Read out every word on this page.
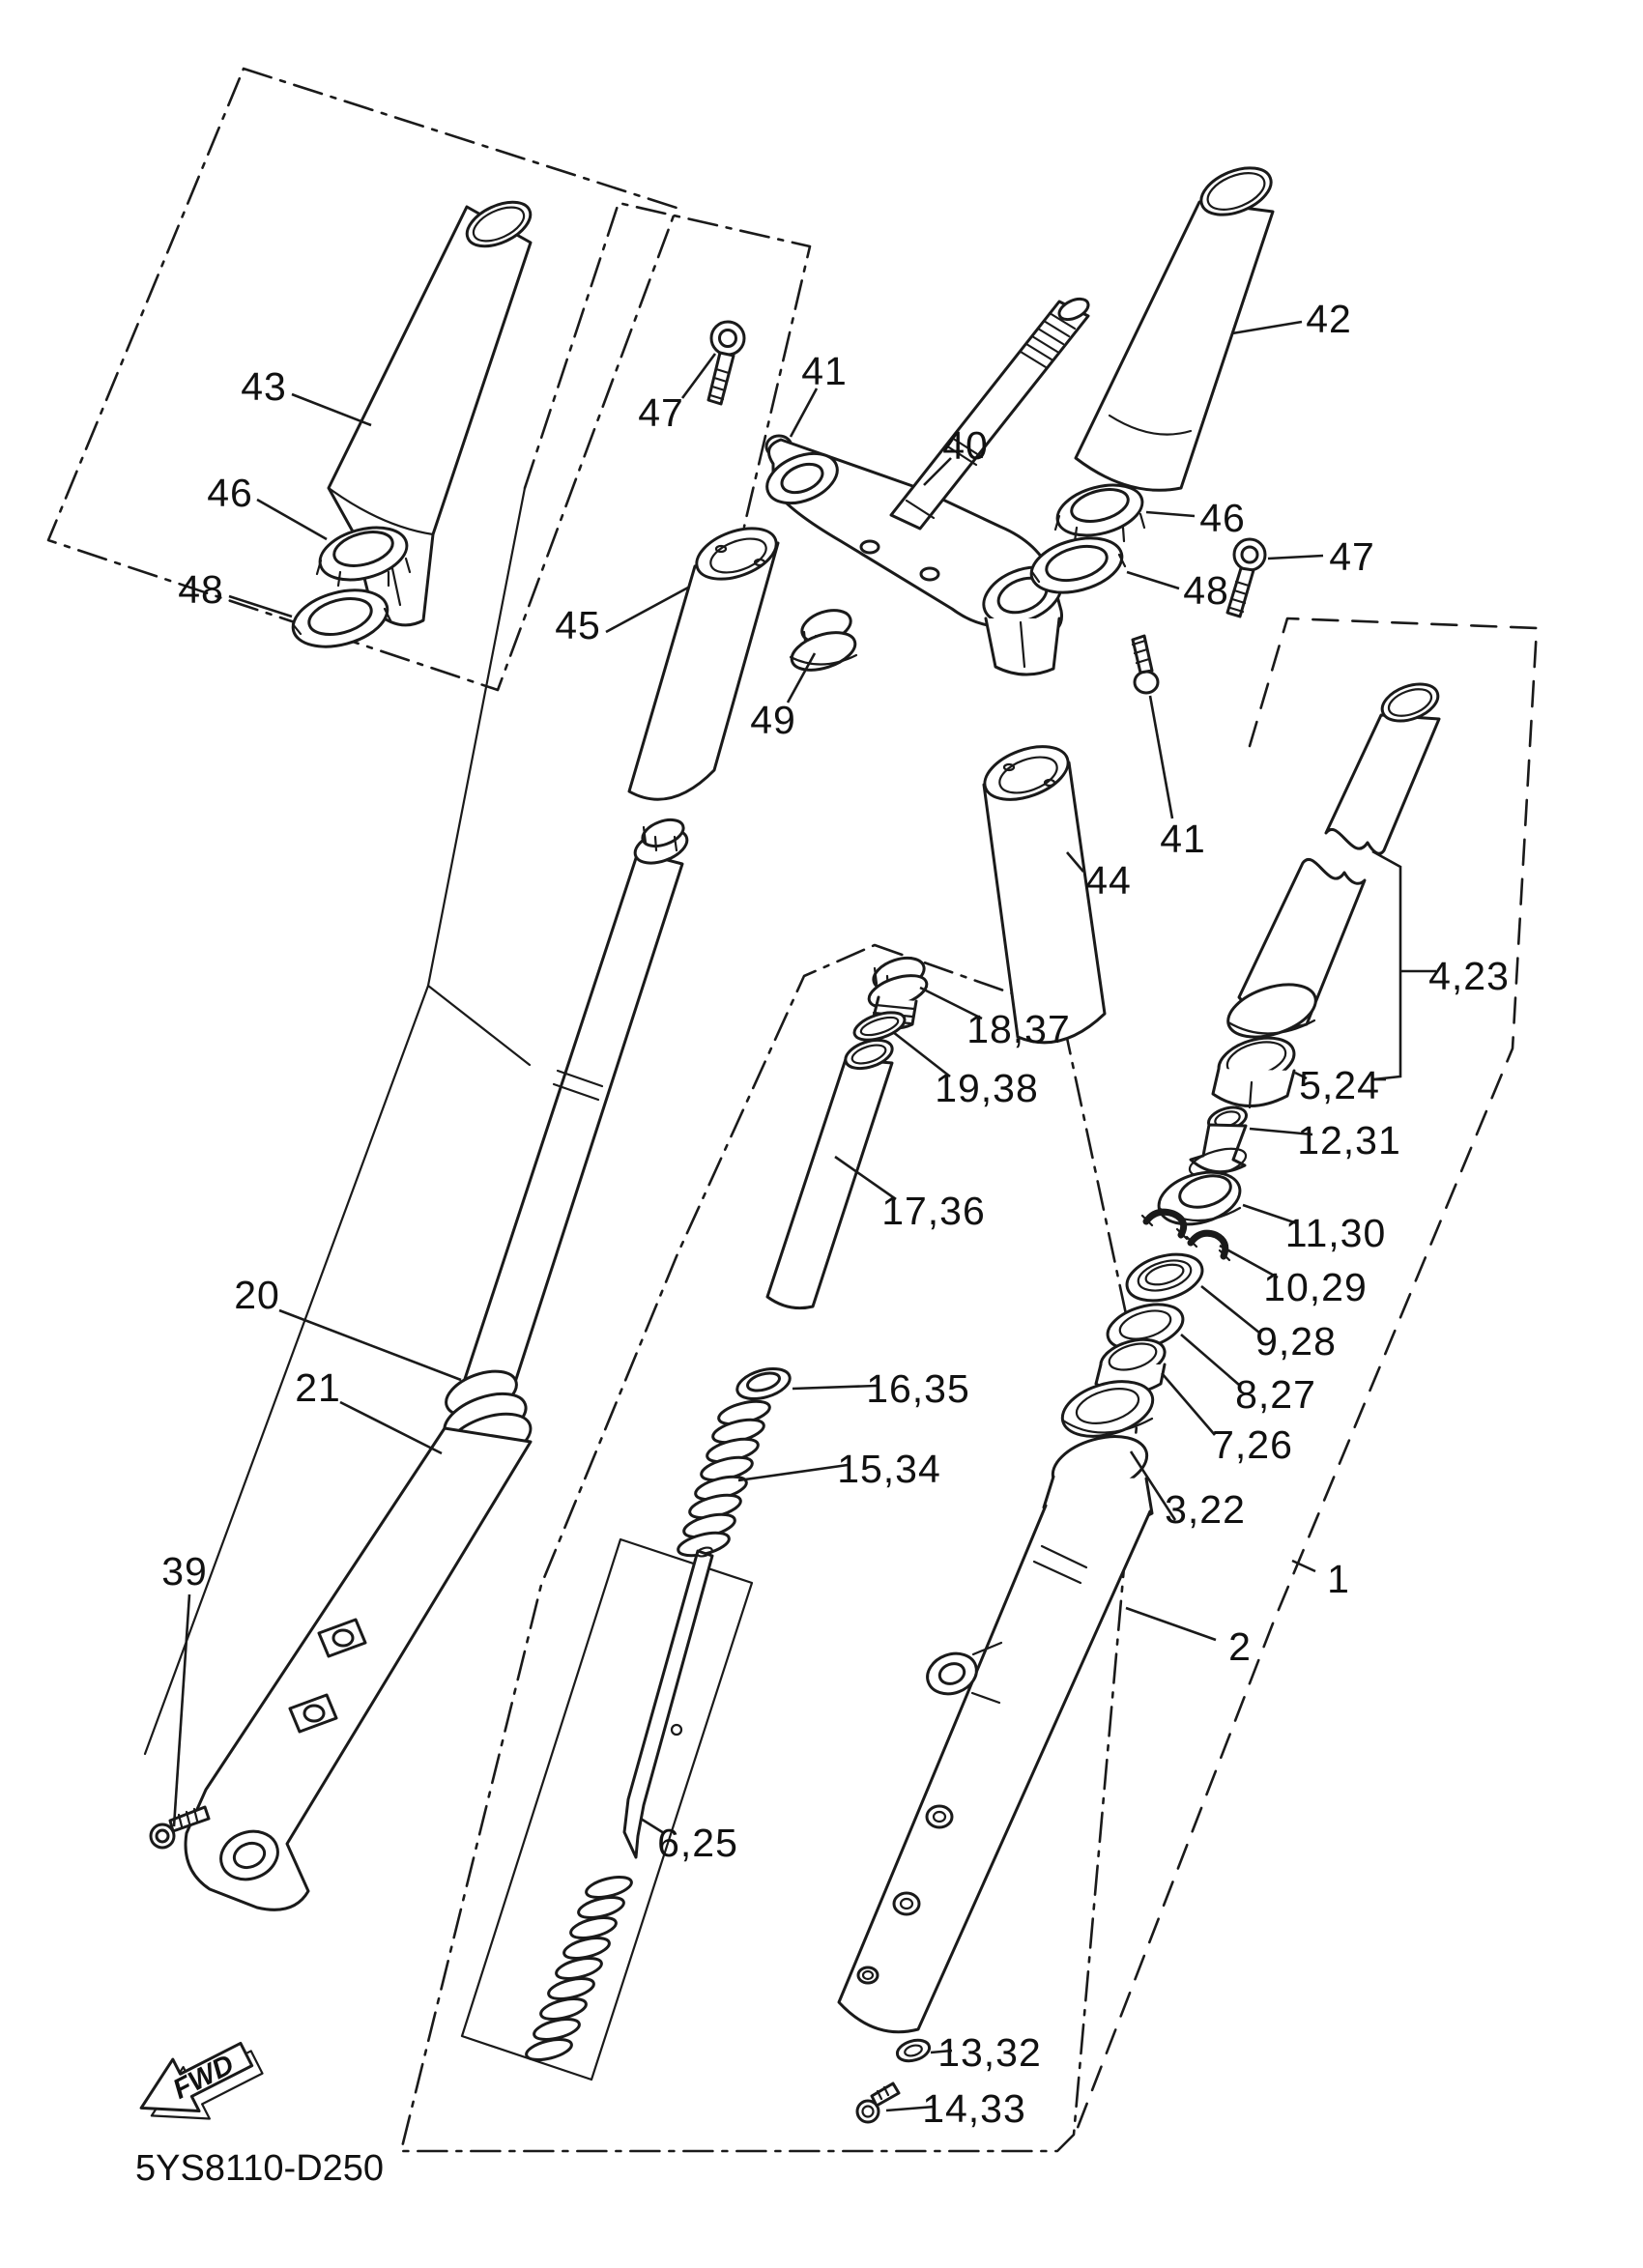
43
46
48
47
41
40
42
46
47
48
45
49
41
44
18,37
19,38
17,36
16,35
15,34
6,25
20
21
39
4,23
5,24
12,31
11,30
10,29
9,28
8,27
7,26
3,22
1
2
13,32
14,33
FWD
5YS8110-D250
